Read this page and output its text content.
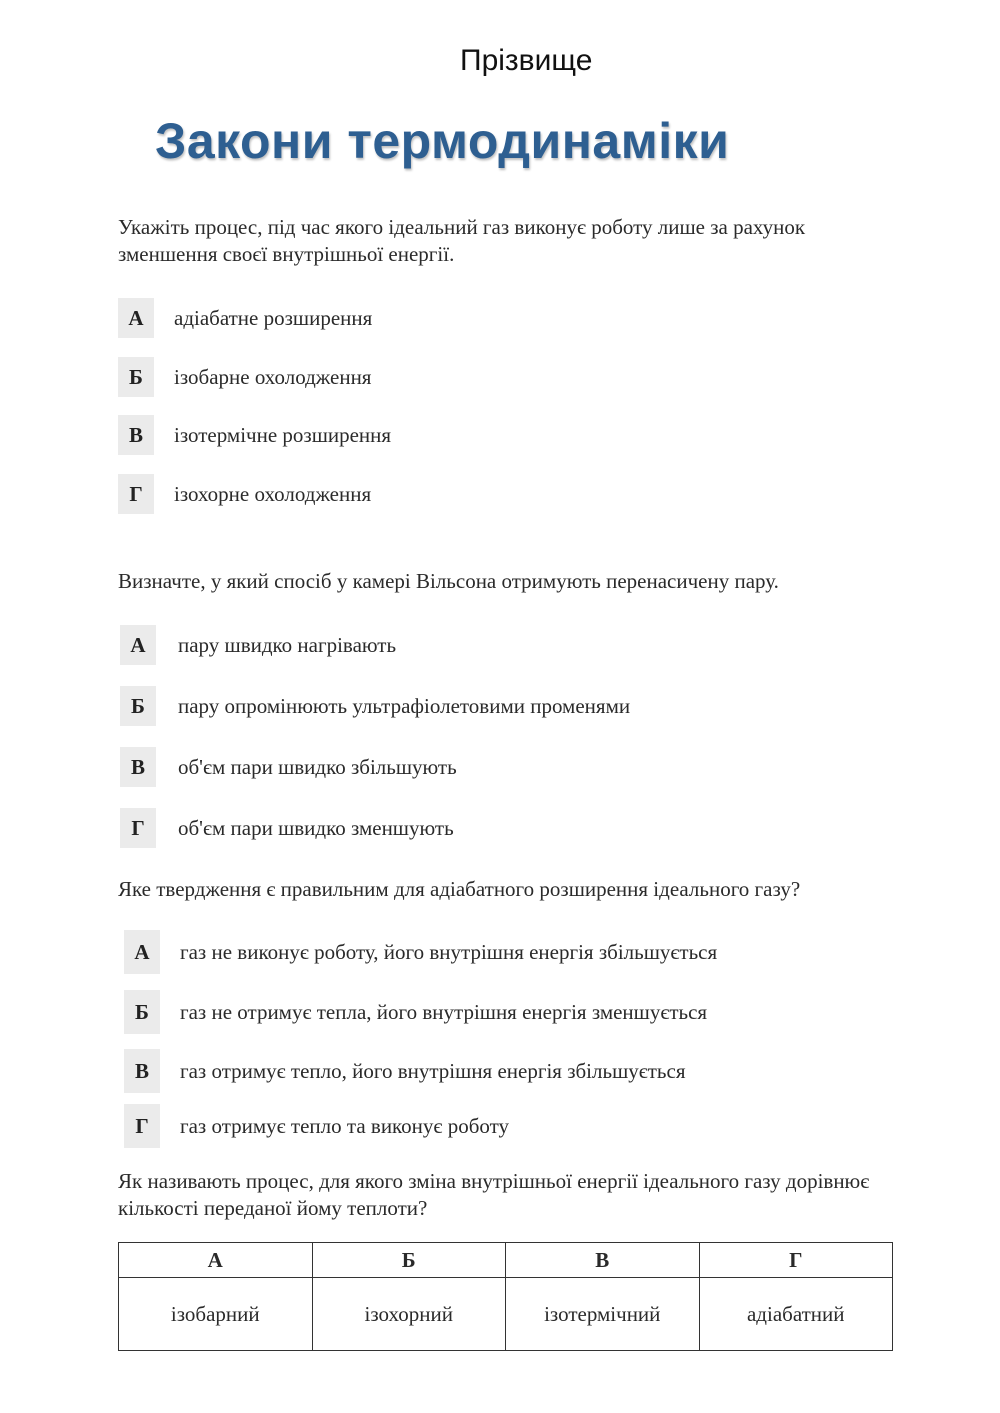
Прізвище
Закони термодинаміки
Укажіть процес, під час якого ідеальний газ виконує роботу лише за рахунок зменшення своєї внутрішньої енергії.
А	адіабатне розширення
Б	ізобарне охолодження
В	ізотермічне розширення
Г	ізохорне охолодження
Визначте, у який спосіб у камері Вільсона отримують перенасичену пару.
А	пару швидко нагрівають
Б	пару опромінюють ультрафіолетовими променями
В	об'єм пари швидко збільшують
Г	об'єм пари швидко зменшують
Яке твердження є правильним для адіабатного розширення ідеального газу?
А	газ не виконує роботу, його внутрішня енергія збільшується
Б	газ не отримує тепла, його внутрішня енергія зменшується
В	газ отримує тепло, його внутрішня енергія збільшується
Г	газ отримує тепло та виконує роботу
Як називають процес, для якого зміна внутрішньої енергії ідеального газу дорівнює кількості переданої йому теплоти?
А	Б	В	Г
ізобарний	ізохорний	ізотермічний	адіабатний
